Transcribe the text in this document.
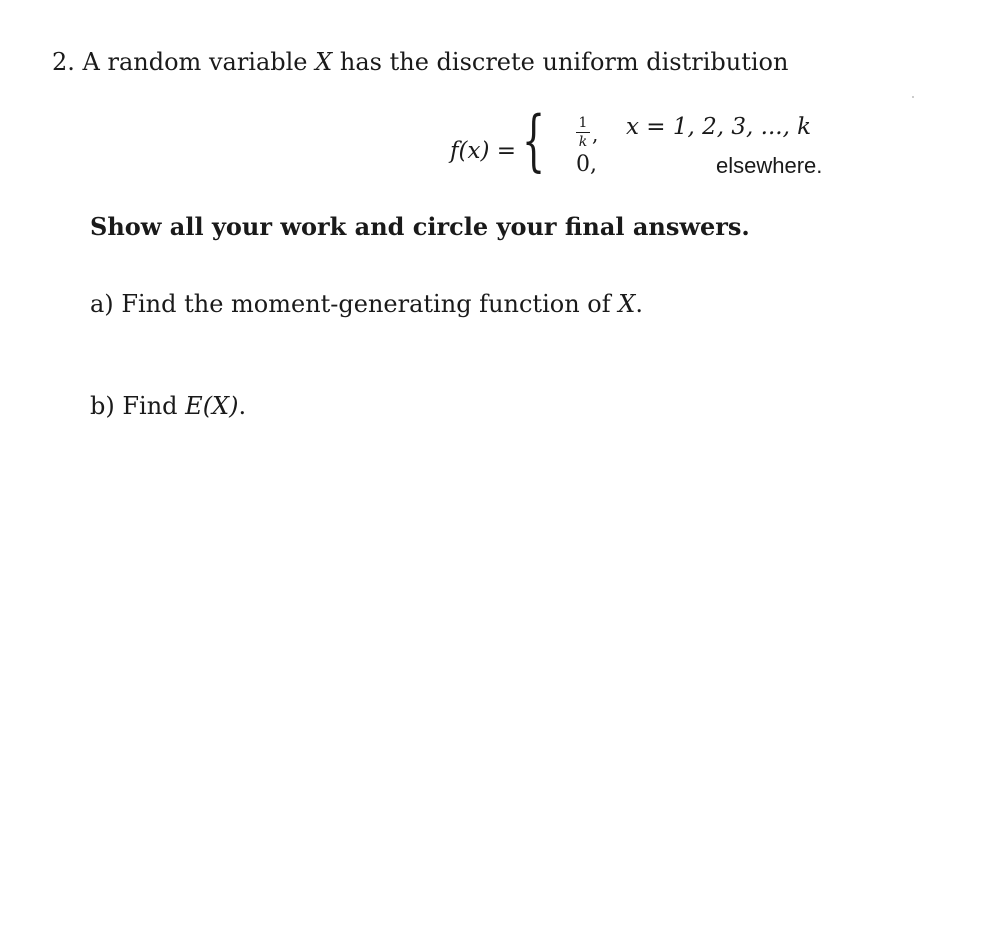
2. A random variable X has the discrete uniform distribution
f(x) = { 1
k ,
0,
x = 1, 2, 3, ..., k
elsewhere.
Show all your work and circle your final answers.
a) Find the moment-generating function of X.
b) Find E(X).
